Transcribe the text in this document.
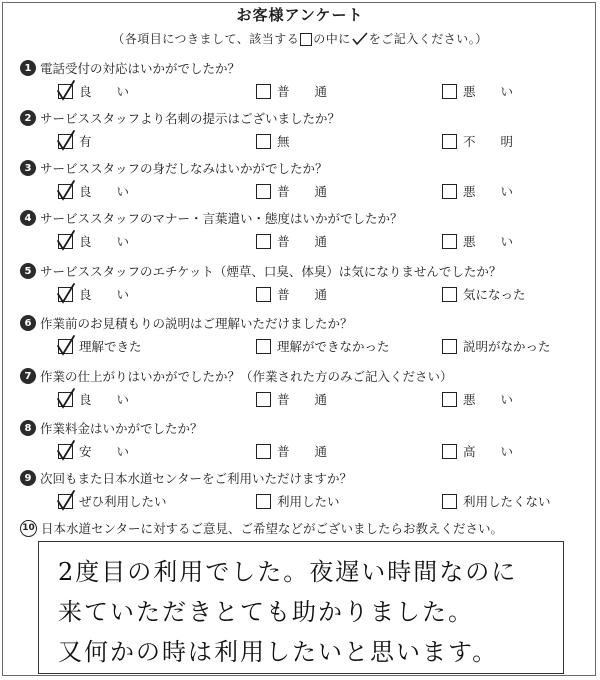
お客様アンケート
（各項目につきまして、該当する の中に をご記入ください。）
1 電話受付の対応はいかがでしたか？
良　　い	普　　通	悪　　い
2 サービススタッフより名刺の提示はございましたか？
有	無	不　　明
3 サービススタッフの身だしなみはいかがでしたか？
良　　い	普　　通	悪　　い
4 サービススタッフのマナー・言葉遣い・態度はいかがでしたか？
良　　い	普　　通	悪　　い
5 サービススタッフのエチケット（煙草、口臭、体臭）は気になりませんでしたか？
良　　い	普　　通	気になった
6 作業前のお見積もりの説明はご理解いただけましたか？
理解できた	理解ができなかった	説明がなかった
7 作業の仕上がりはいかがでしたか？（作業された方のみご記入ください）
良　　い	普　　通	悪　　い
8 作業料金はいかがでしたか？
安　　い	普　　通	高　　い
9 次回もまた日本水道センターをご利用いただけますか？
ぜひ利用したい	利用したい	利用したくない
10 日本水道センターに対するご意見、ご希望などがございましたらお教えください。
2度目の利用でした。夜遅い時間なのに
来ていただきとても助かりました。
又何かの時は利用したいと思います。
